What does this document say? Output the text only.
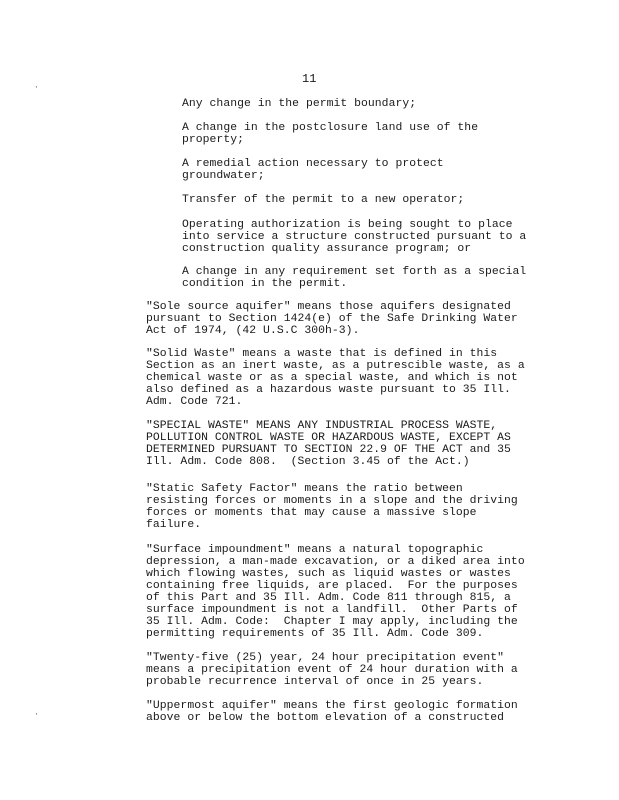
·
·
11
Any change in the permit boundary;
A change in the postclosure land use of the
property;
A remedial action necessary to protect
groundwater;
Transfer of the permit to a new operator;
Operating authorization is being sought to place
into service a structure constructed pursuant to a
construction quality assurance program; or
A change in any requirement set forth as a special
condition in the permit.
"Sole source aquifer" means those aquifers designated
pursuant to Section 1424(e) of the Safe Drinking Water
Act of 1974, (42 U.S.C 300h-3).
"Solid Waste" means a waste that is defined in this
Section as an inert waste, as a putrescible waste, as a
chemical waste or as a special waste, and which is not
also defined as a hazardous waste pursuant to 35 Ill.
Adm. Code 721.
"SPECIAL WASTE" MEANS ANY INDUSTRIAL PROCESS WASTE,
POLLUTION CONTROL WASTE OR HAZARDOUS WASTE, EXCEPT AS
DETERMINED PURSUANT TO SECTION 22.9 OF THE ACT and 35
Ill. Adm. Code 808.  (Section 3.45 of the Act.)
"Static Safety Factor" means the ratio between
resisting forces or moments in a slope and the driving
forces or moments that may cause a massive slope
failure.
"Surface impoundment" means a natural topographic
depression, a man-made excavation, or a diked area into
which flowing wastes, such as liquid wastes or wastes
containing free liquids, are placed.  For the purposes
of this Part and 35 Ill. Adm. Code 811 through 815, a
surface impoundment is not a landfill.  Other Parts of
35 Ill. Adm. Code:  Chapter I may apply, including the
permitting requirements of 35 Ill. Adm. Code 309.
"Twenty-five (25) year, 24 hour precipitation event"
means a precipitation event of 24 hour duration with a
probable recurrence interval of once in 25 years.
"Uppermost aquifer" means the first geologic formation
above or below the bottom elevation of a constructed
